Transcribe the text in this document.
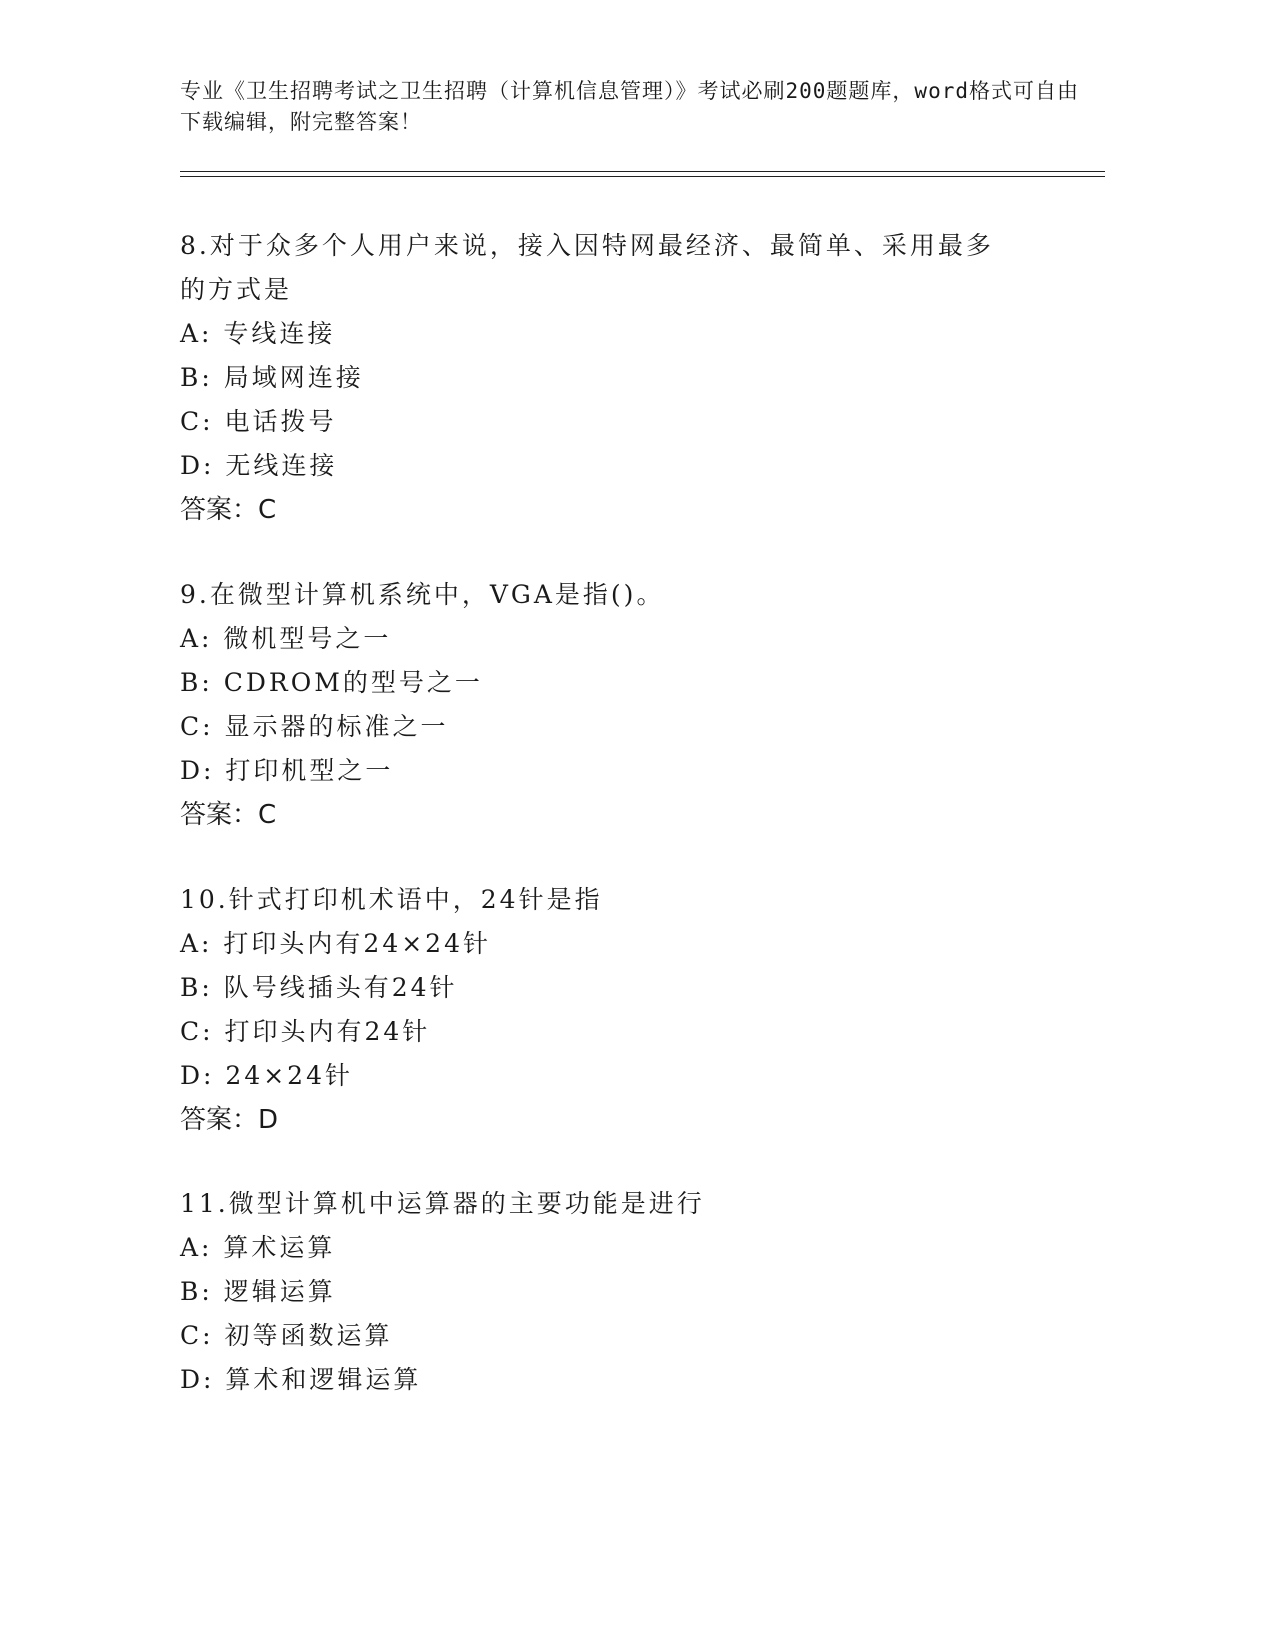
专业《卫生招聘考试之卫生招聘（计算机信息管理）》考试必刷200题题库，word格式可自由下载编辑，附完整答案！

8.对于众多个人用户来说，接入因特网最经济、最简单、采用最多的方式是

A: 专线连接

B: 局域网连接

C: 电话拨号

D: 无线连接

答案：C

9.在微型计算机系统中，VGA是指()。

A: 微机型号之一

B: CDROM的型号之一

C: 显示器的标准之一

D: 打印机型之一

答案：C

10.针式打印机术语中，24针是指

A: 打印头内有24×24针

B: 队号线插头有24针

C: 打印头内有24针

D: 24×24针

答案：D

11.微型计算机中运算器的主要功能是进行

A: 算术运算

B: 逻辑运算

C: 初等函数运算

D: 算术和逻辑运算
